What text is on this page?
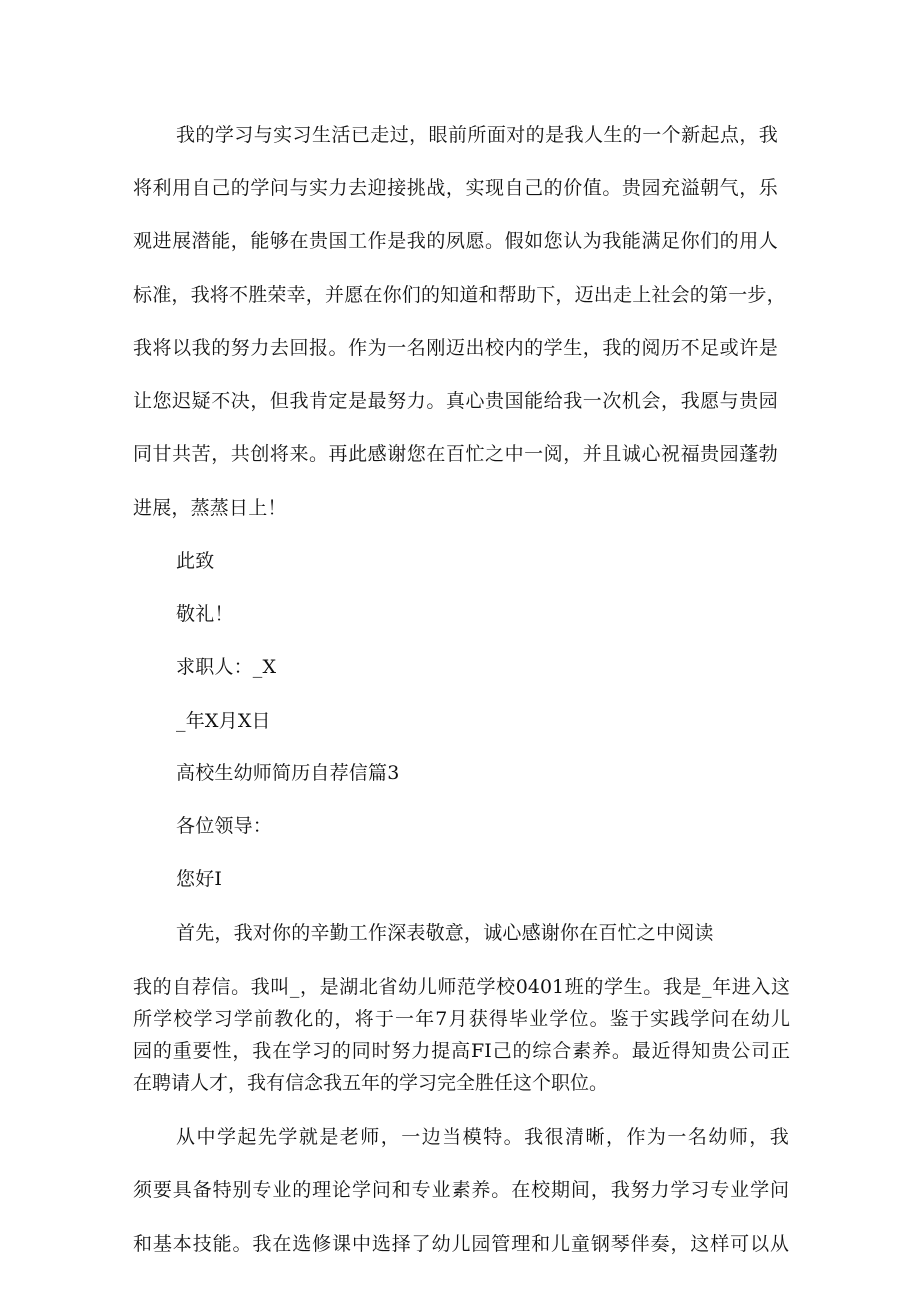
我的学习与实习生活已走过，眼前所面对的是我人生的一个新起点，我
将利用自己的学问与实力去迎接挑战，实现自己的价值。贵园充溢朝气，乐
观进展潜能，能够在贵国工作是我的夙愿。假如您认为我能满足你们的用人
标准，我将不胜荣幸，并愿在你们的知道和帮助下，迈出走上社会的第一步，
我将以我的努力去回报。作为一名刚迈出校内的学生，我的阅历不足或许是
让您迟疑不决，但我肯定是最努力。真心贵国能给我一次机会，我愿与贵园
同甘共苦，共创将来。再此感谢您在百忙之中一阅，并且诚心祝福贵园蓬勃
进展，蒸蒸日上！
此致
敬礼！
求职人：_X
_年X月X日
高校生幼师简历自荐信篇3
各位领导：
您好I
首先，我对你的辛勤工作深表敬意，诚心感谢你在百忙之中阅读
我的自荐信。我叫_，是湖北省幼儿师范学校0401班的学生。我是_年进入这
所学校学习学前教化的，将于一年7月获得毕业学位。鉴于实践学问在幼儿
园的重要性，我在学习的同时努力提高FI己的综合素养。最近得知贵公司正
在聘请人才，我有信念我五年的学习完全胜任这个职位。
从中学起先学就是老师，一边当模特。我很清晰，作为一名幼师，我
须要具备特别专业的理论学问和专业素养。在校期间，我努力学习专业学问
和基本技能。我在选修课中选择了幼儿园管理和儿童钢琴伴奏，这样可以从
